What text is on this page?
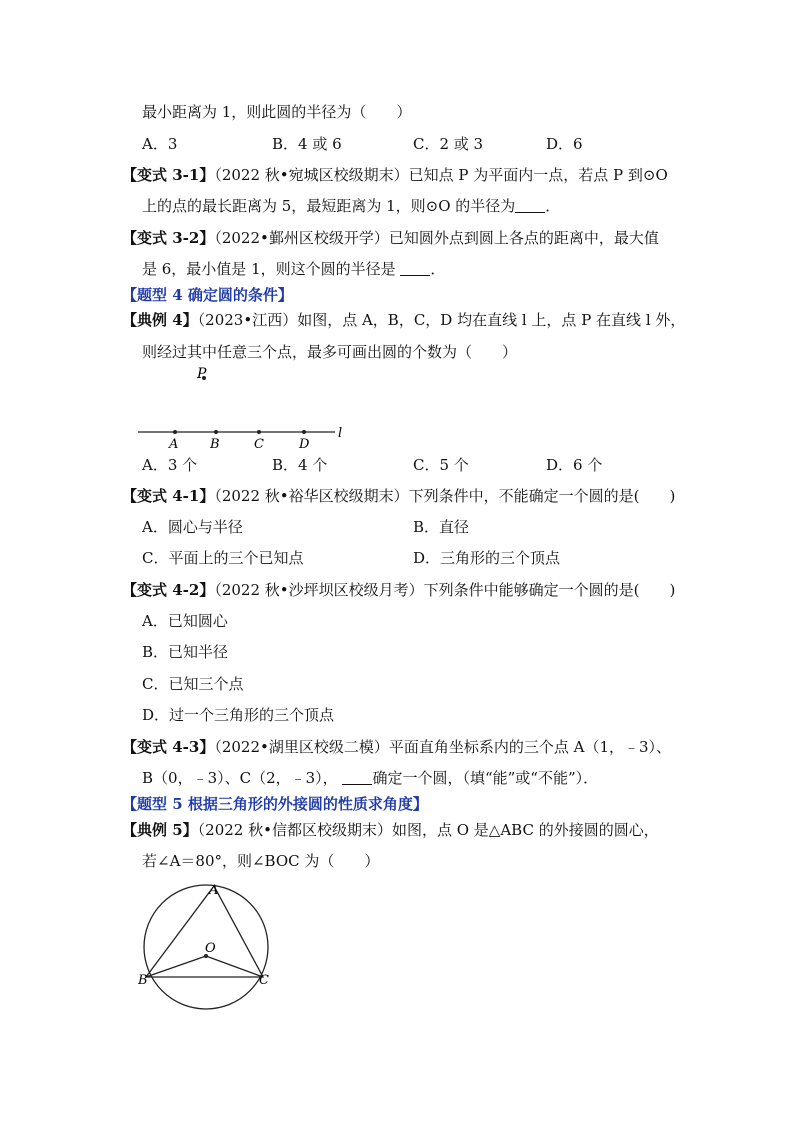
最小距离为 1，则此圆的半径为（　　）
A．3	B．4 或 6	C．2 或 3	D．6
【变式 3-1】（2022 秋•宛城区校级期末）已知点 P 为平面内一点，若点 P 到⊙O
上的点的最长距离为 5，最短距离为 1，则⊙O 的半径为 ．
【变式 3-2】（2022•鄞州区校级开学）已知圆外点到圆上各点的距离中，最大值
是 6，最小值是 1，则这个圆的半径是 ．
【题型 4 确定圆的条件】
【典例 4】（2023•江西）如图，点 A，B，C，D 均在直线 l 上，点 P 在直线 l 外，
则经过其中任意三个点，最多可画出圆的个数为（　　）
P
A B	C	D
l
A．3 个	B．4 个	C．5 个	D．6 个
【变式 4-1】（2022 秋•裕华区校级期末）下列条件中，不能确定一个圆的是(　　)
A．圆心与半径	B．直径
C．平面上的三个已知点	D．三角形的三个顶点
【变式 4-2】（2022 秋•沙坪坝区校级月考）下列条件中能够确定一个圆的是(　　)
A．已知圆心
B．已知半径
C．已知三个点
D．过一个三角形的三个顶点
【变式 4-3】（2022•湖里区校级二模）平面直角坐标系内的三个点 A（1，﹣3）、
B（0，﹣3）、C（2，﹣3）， 确定一个圆，（填“能”或“不能”）．
【题型 5 根据三角形的外接圆的性质求角度】
【典例 5】（2022 秋•信都区校级期末）如图，点 O 是△ABC 的外接圆的圆心，
若∠A＝80°，则∠BOC 为（　　）
A
B	C
O
